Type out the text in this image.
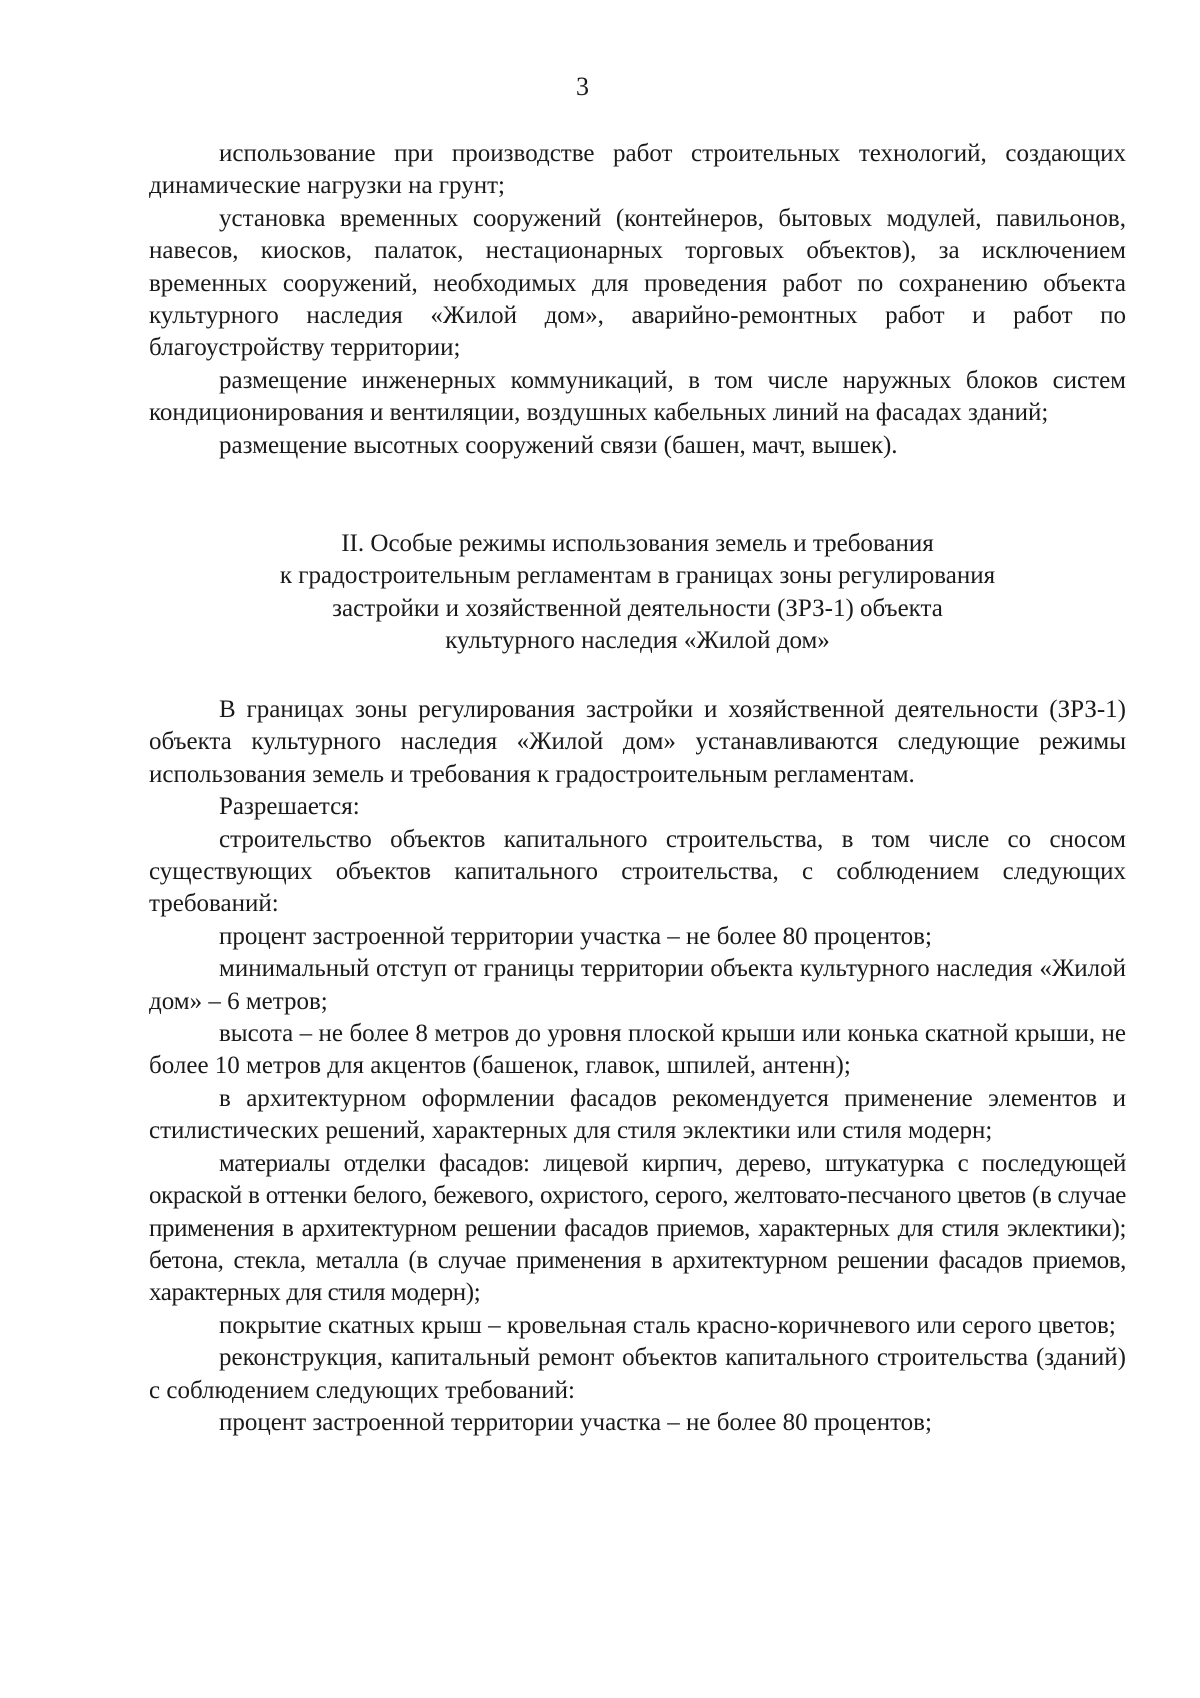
3

использование при производстве работ строительных технологий, создающих динамические нагрузки на грунт;

установка временных сооружений (контейнеров, бытовых модулей, павильонов, навесов, киосков, палаток, нестационарных торговых объектов), за исключением временных сооружений, необходимых для проведения работ по сохранению объекта культурного наследия «Жилой дом», аварийно-ремонтных работ и работ по благоустройству территории;

размещение инженерных коммуникаций, в том числе наружных блоков систем кондиционирования и вентиляции, воздушных кабельных линий на фасадах зданий;

размещение высотных сооружений связи (башен, мачт, вышек).

II. Особые режимы использования земель и требования
к градостроительным регламентам в границах зоны регулирования
застройки и хозяйственной деятельности (ЗРЗ-1) объекта
культурного наследия «Жилой дом»

В границах зоны регулирования застройки и хозяйственной деятельности (ЗРЗ-1) объекта культурного наследия «Жилой дом» устанавливаются следующие режимы использования земель и требования к градостроительным регламентам.

Разрешается:

строительство объектов капитального строительства, в том числе со сносом существующих объектов капитального строительства, с соблюдением следующих требований:

процент застроенной территории участка – не более 80 процентов;

минимальный отступ от границы территории объекта культурного наследия «Жилой дом» – 6 метров;

высота – не более 8 метров до уровня плоской крыши или конька скатной крыши, не более 10 метров для акцентов (башенок, главок, шпилей, антенн);

в архитектурном оформлении фасадов рекомендуется применение элементов и стилистических решений, характерных для стиля эклектики или стиля модерн;

материалы отделки фасадов: лицевой кирпич, дерево, штукатурка с последующей окраской в оттенки белого, бежевого, охристого, серого, желтовато-песчаного цветов (в случае применения в архитектурном решении фасадов приемов, характерных для стиля эклектики); бетона, стекла, металла (в случае применения в архитектурном решении фасадов приемов, характерных для стиля модерн);

покрытие скатных крыш – кровельная сталь красно-коричневого или серого цветов;

реконструкция, капитальный ремонт объектов капитального строительства (зданий) с соблюдением следующих требований:

процент застроенной территории участка – не более 80 процентов;
